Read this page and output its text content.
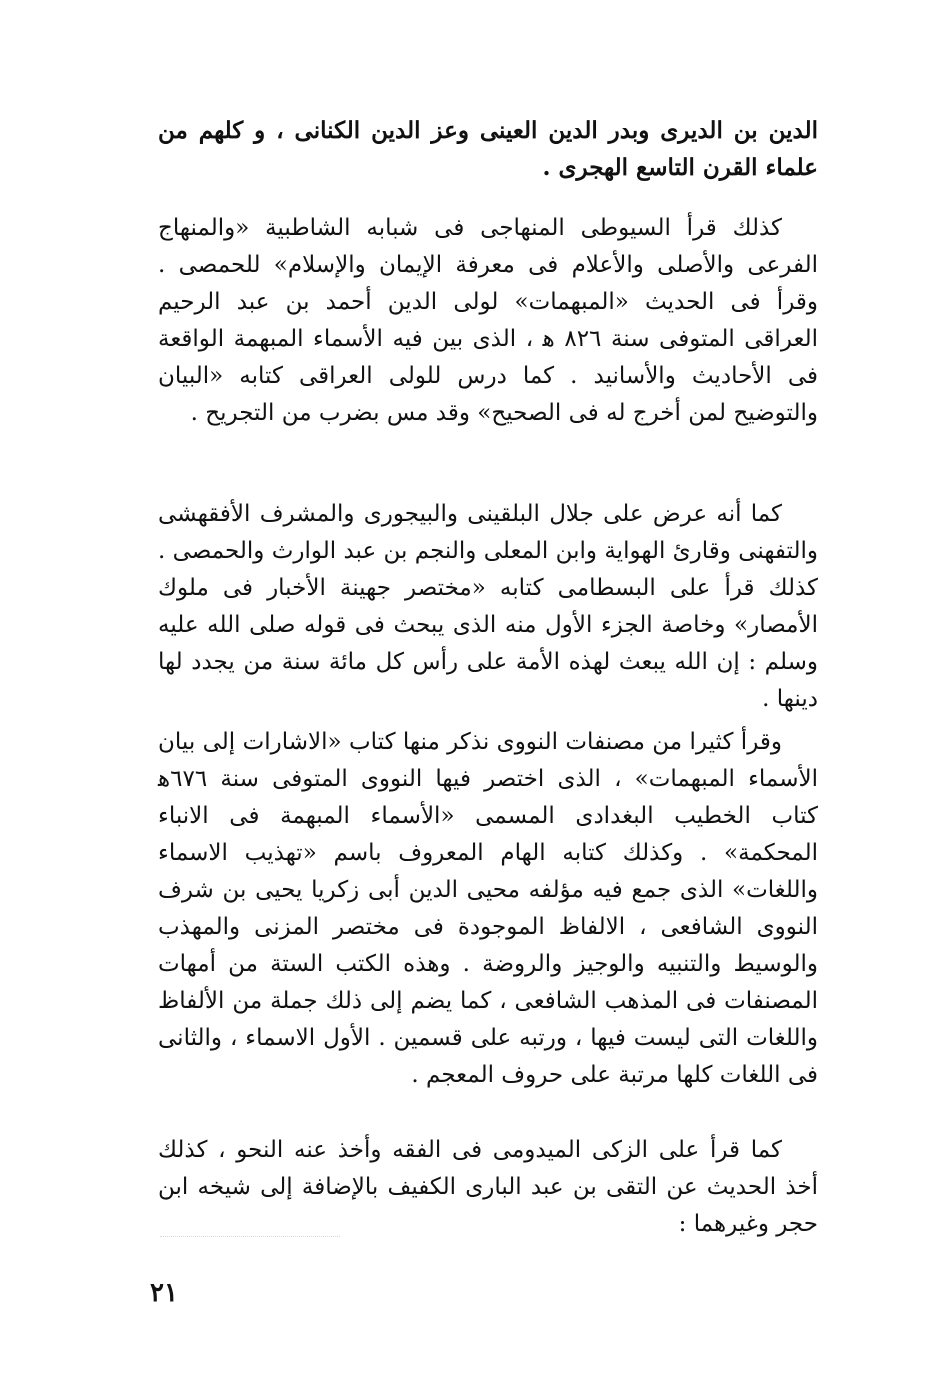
الدين بن الديرى وبدر الدين العينى وعز الدين الكنانى ، و كلهم من علماء القرن التاسع الهجرى .

كذلك قرأ السيوطى المنهاجى فى شبابه الشاطبية «والمنهاج الفرعى والأصلى والأعلام فى معرفة الإيمان والإسلام» للحمصى . وقرأ فى الحديث «المبهمات» لولى الدين أحمد بن عبد الرحيم العراقى المتوفى سنة ٨٢٦ ﻫ ، الذى بين فيه الأسماء المبهمة الواقعة فى الأحاديث والأسانيد . كما درس للولى العراقى كتابه «البيان والتوضيح لمن أخرج له فى الصحيح» وقد مس بضرب من التجريح .

كما أنه عرض على جلال البلقينى والبيجورى والمشرف الأفقهشى والتفهنى وقارئ الهواية وابن المعلى والنجم بن عبد الوارث والحمصى . كذلك قرأ على البسطامى كتابه «مختصر جهينة الأخبار فى ملوك الأمصار» وخاصة الجزء الأول منه الذى يبحث فى قوله صلى الله عليه وسلم : إن الله يبعث لهذه الأمة على رأس كل مائة سنة من يجدد لها دينها .

وقرأ كثيرا من مصنفات النووى نذكر منها كتاب «الاشارات إلى بيان الأسماء المبهمات» ، الذى اختصر فيها النووى المتوفى سنة ٦٧٦ﻫ كتاب الخطيب البغدادى المسمى «الأسماء المبهمة فى الانباء المحكمة» . وكذلك كتابه الهام المعروف باسم «تهذيب الاسماء واللغات» الذى جمع فيه مؤلفه محيى الدين أبى زكريا يحيى بن شرف النووى الشافعى ، الالفاظ الموجودة فى مختصر المزنى والمهذب والوسيط والتنبيه والوجيز والروضة . وهذه الكتب الستة من أمهات المصنفات فى المذهب الشافعى ، كما يضم إلى ذلك جملة من الألفاظ واللغات التى ليست فيها ، ورتبه على قسمين . الأول الاسماء ، والثانى فى اللغات كلها مرتبة على حروف المعجم .

كما قرأ على الزكى الميدومى فى الفقه وأخذ عنه النحو ، كذلك أخذ الحديث عن التقى بن عبد البارى الكفيف بالإضافة إلى شيخه ابن حجر وغيرهما :

٢١
